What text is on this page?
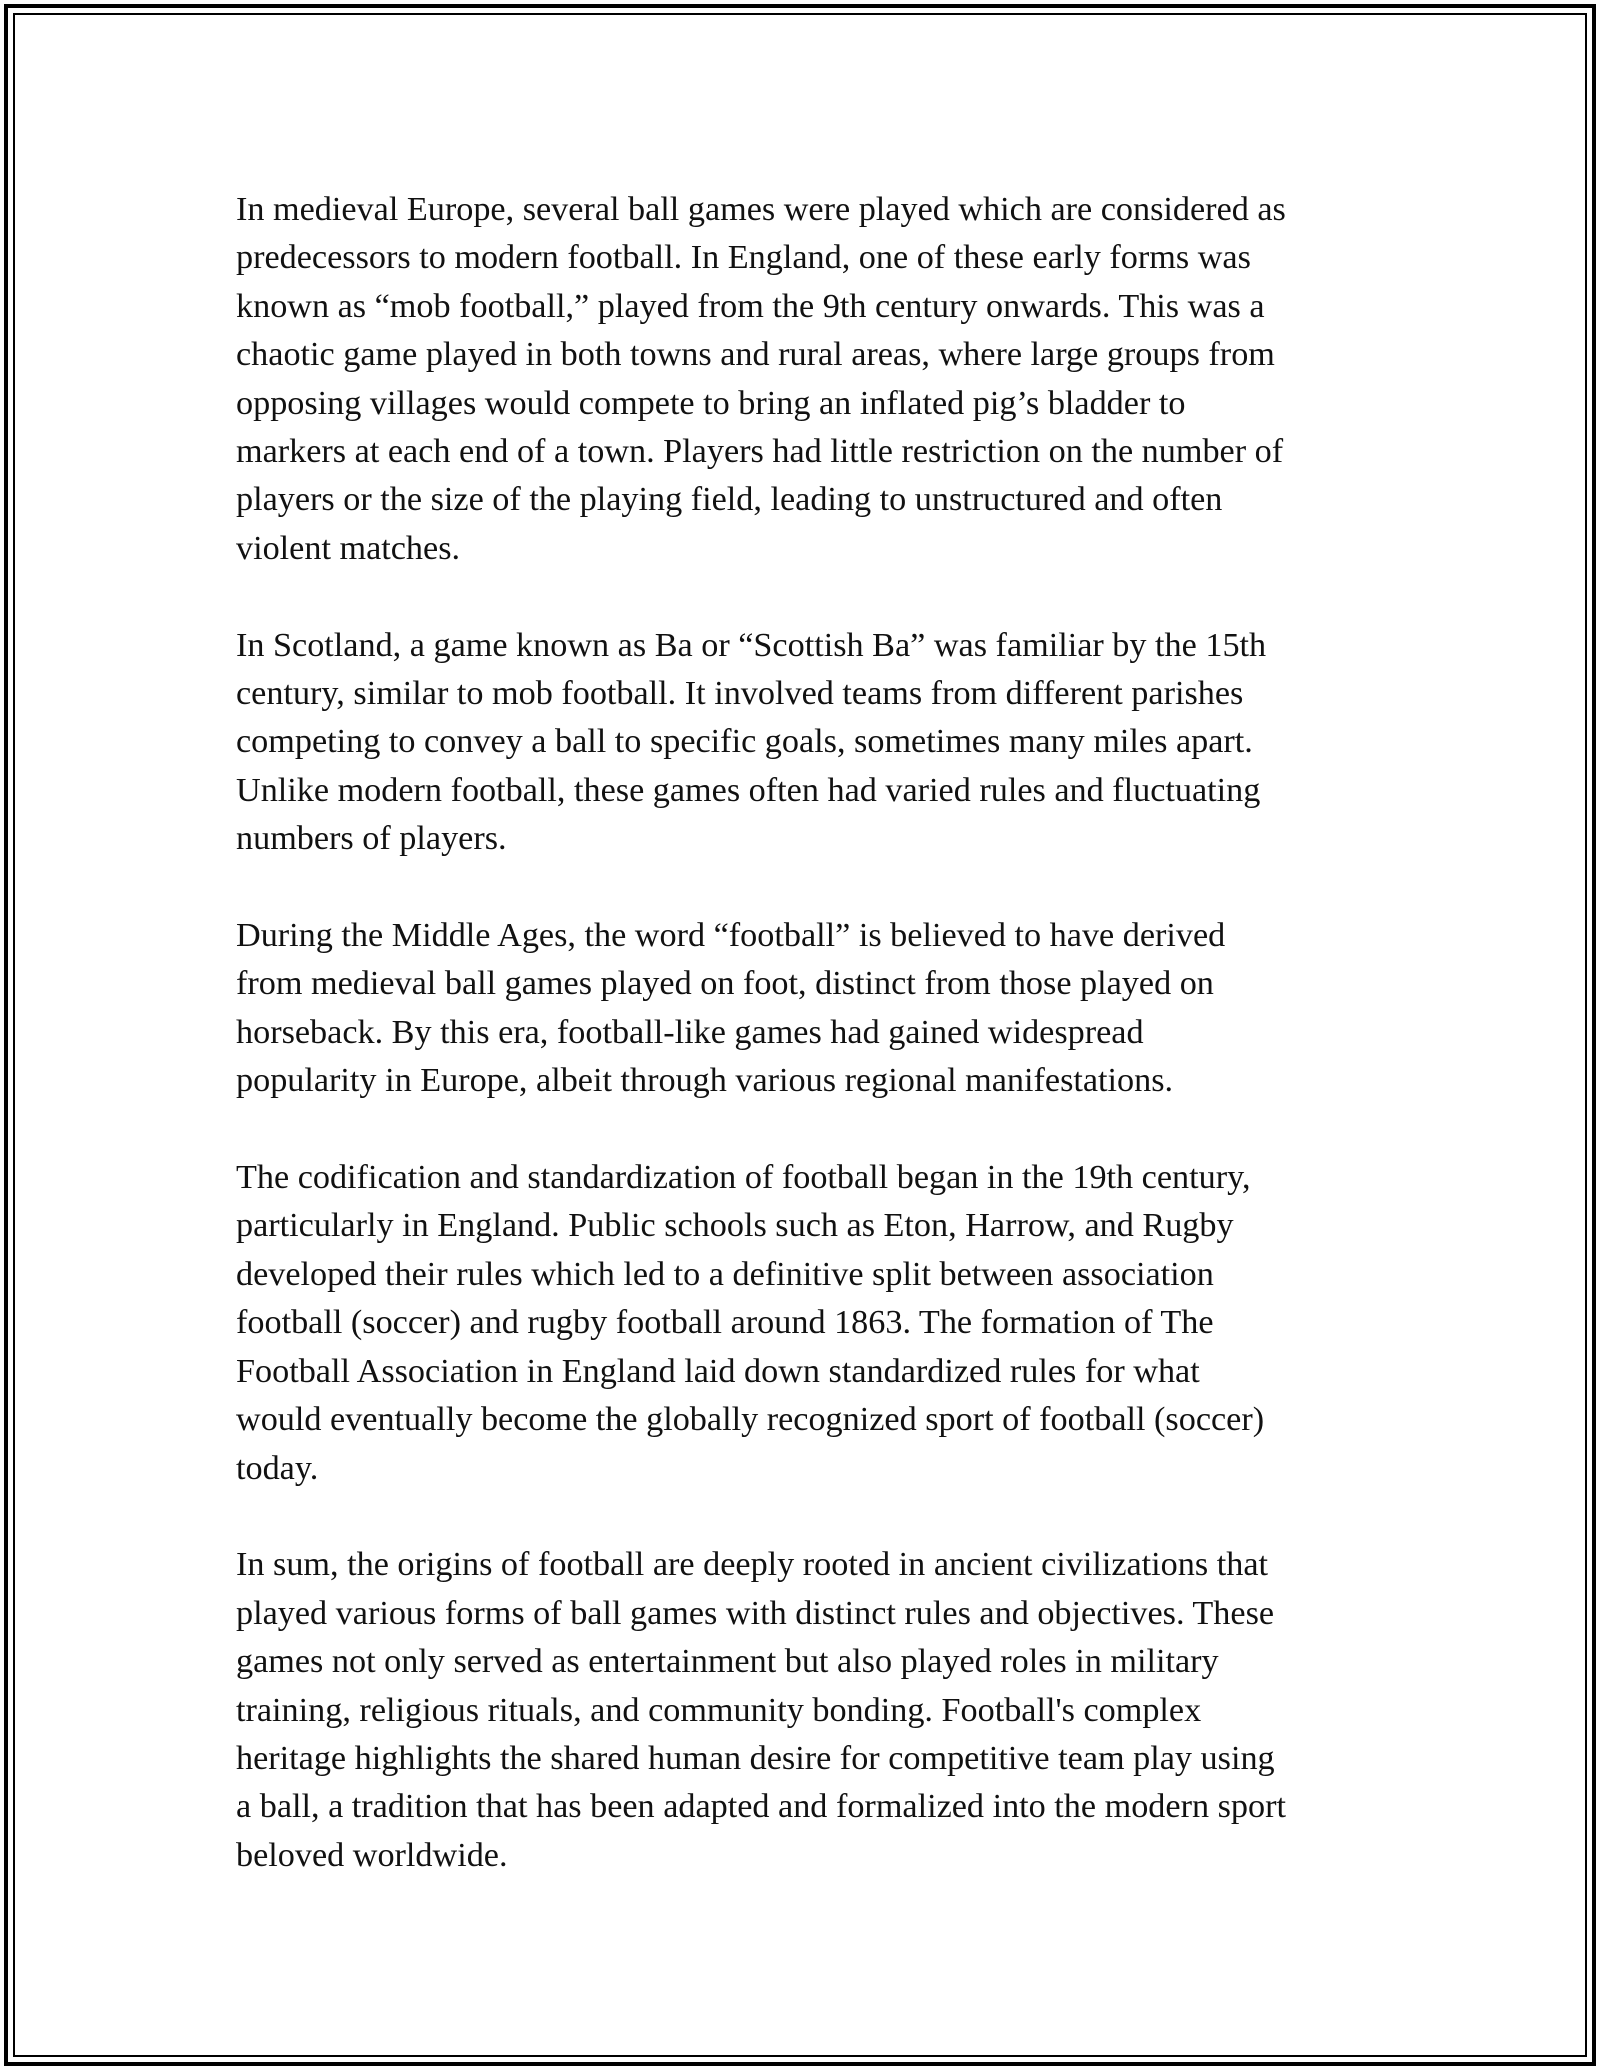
In medieval Europe, several ball games were played which are considered as
predecessors to modern football. In England, one of these early forms was
known as “mob football,” played from the 9th century onwards. This was a
chaotic game played in both towns and rural areas, where large groups from
opposing villages would compete to bring an inflated pig’s bladder to
markers at each end of a town. Players had little restriction on the number of
players or the size of the playing field, leading to unstructured and often
violent matches.

In Scotland, a game known as Ba or “Scottish Ba” was familiar by the 15th
century, similar to mob football. It involved teams from different parishes
competing to convey a ball to specific goals, sometimes many miles apart.
Unlike modern football, these games often had varied rules and fluctuating
numbers of players.

During the Middle Ages, the word “football” is believed to have derived
from medieval ball games played on foot, distinct from those played on
horseback. By this era, football-like games had gained widespread
popularity in Europe, albeit through various regional manifestations.

The codification and standardization of football began in the 19th century,
particularly in England. Public schools such as Eton, Harrow, and Rugby
developed their rules which led to a definitive split between association
football (soccer) and rugby football around 1863. The formation of The
Football Association in England laid down standardized rules for what
would eventually become the globally recognized sport of football (soccer)
today.

In sum, the origins of football are deeply rooted in ancient civilizations that
played various forms of ball games with distinct rules and objectives. These
games not only served as entertainment but also played roles in military
training, religious rituals, and community bonding. Football's complex
heritage highlights the shared human desire for competitive team play using
a ball, a tradition that has been adapted and formalized into the modern sport
beloved worldwide.
